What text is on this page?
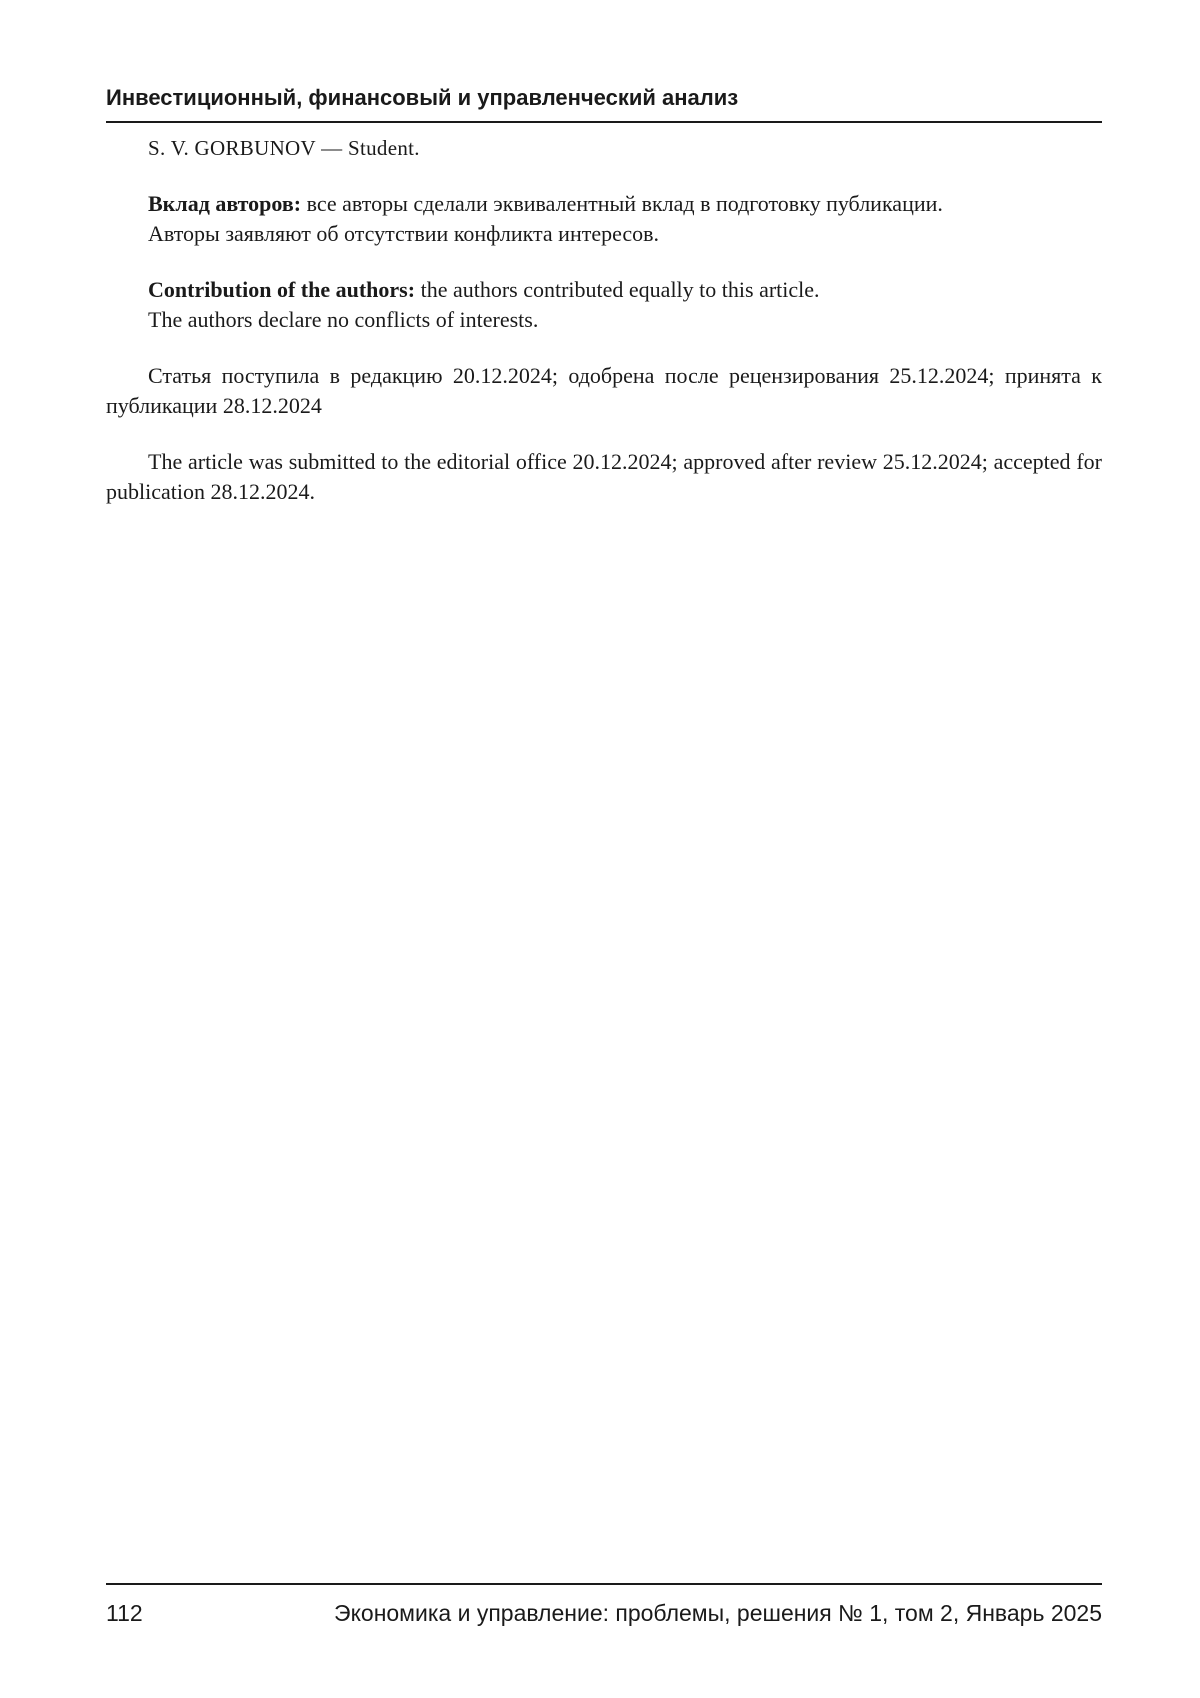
Инвестиционный, финансовый и управленческий анализ

S. V. GORBUNOV — Student.

Вклад авторов: все авторы сделали эквивалентный вклад в подготовку публикации.

Авторы заявляют об отсутствии конфликта интересов.

Contribution of the authors: the authors contributed equally to this article.

The authors declare no conflicts of interests.

Статья поступила в редакцию 20.12.2024; одобрена после рецензирования 25.12.2024; принята к публикации 28.12.2024

The article was submitted to the editorial office 20.12.2024; approved after review 25.12.2024; accepted for publication 28.12.2024.

112	Экономика и управление: проблемы, решения № 1, том 2, Январь 2025
